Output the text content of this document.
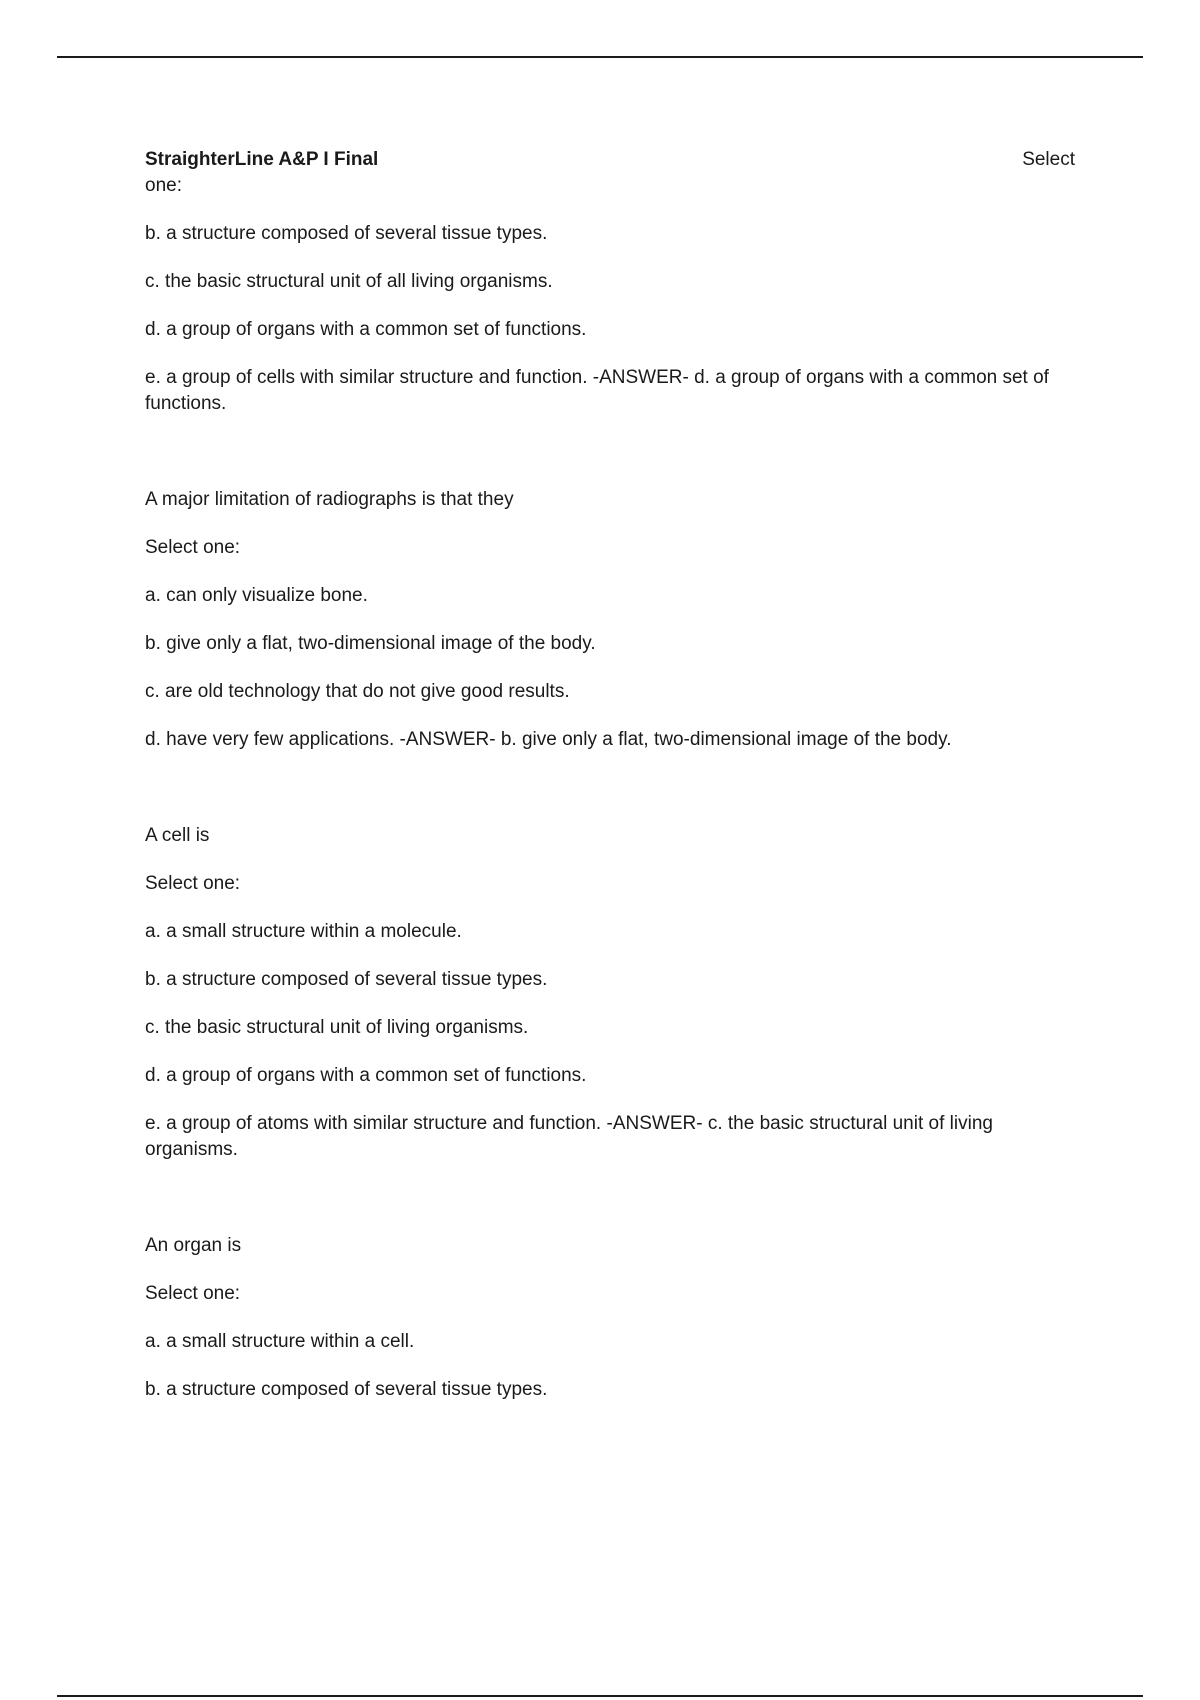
StraighterLine A&P I Final	Select

one:

b. a structure composed of several tissue types.

c. the basic structural unit of all living organisms.

d. a group of organs with a common set of functions.

e. a group of cells with similar structure and function. -ANSWER- d. a group of organs with a common set of functions.

A major limitation of radiographs is that they

Select one:

a. can only visualize bone.

b. give only a flat, two-dimensional image of the body.

c. are old technology that do not give good results.

d. have very few applications. -ANSWER- b. give only a flat, two-dimensional image of the body.

A cell is

Select one:

a. a small structure within a molecule.

b. a structure composed of several tissue types.

c. the basic structural unit of living organisms.

d. a group of organs with a common set of functions.

e. a group of atoms with similar structure and function. -ANSWER- c. the basic structural unit of living organisms.

An organ is

Select one:

a. a small structure within a cell.

b. a structure composed of several tissue types.
